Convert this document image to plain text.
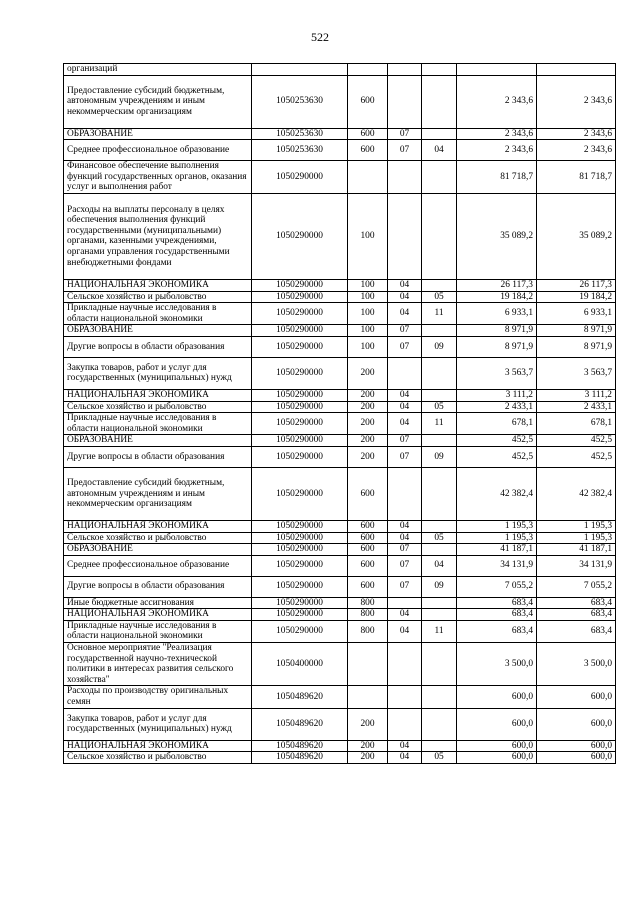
522
организаций						
Предоставление субсидий бюджетным, автономным учреждениям и иным некоммерческим организациям	1050253630	600			2 343,6	2 343,6
ОБРАЗОВАНИЕ	1050253630	600	07		2 343,6	2 343,6
Среднее профессиональное образование	1050253630	600	07	04	2 343,6	2 343,6
Финансовое обеспечение выполнения функций государственных органов, оказания услуг и выполнения работ	1050290000				81 718,7	81 718,7
Расходы на выплаты персоналу в целях обеспечения выполнения функций государственными (муниципальными) органами, казенными учреждениями, органами управления государственными внебюджетными фондами	1050290000	100			35 089,2	35 089,2
НАЦИОНАЛЬНАЯ ЭКОНОМИКА	1050290000	100	04		26 117,3	26 117,3
Сельское хозяйство и рыболовство	1050290000	100	04	05	19 184,2	19 184,2
Прикладные научные исследования в области национальной экономики	1050290000	100	04	11	6 933,1	6 933,1
ОБРАЗОВАНИЕ	1050290000	100	07		8 971,9	8 971,9
Другие вопросы в области образования	1050290000	100	07	09	8 971,9	8 971,9
Закупка товаров, работ и услуг для государственных (муниципальных) нужд	1050290000	200			3 563,7	3 563,7
НАЦИОНАЛЬНАЯ ЭКОНОМИКА	1050290000	200	04		3 111,2	3 111,2
Сельское хозяйство и рыболовство	1050290000	200	04	05	2 433,1	2 433,1
Прикладные научные исследования в области национальной экономики	1050290000	200	04	11	678,1	678,1
ОБРАЗОВАНИЕ	1050290000	200	07		452,5	452,5
Другие вопросы в области образования	1050290000	200	07	09	452,5	452,5
Предоставление субсидий бюджетным, автономным учреждениям и иным некоммерческим организациям	1050290000	600			42 382,4	42 382,4
НАЦИОНАЛЬНАЯ ЭКОНОМИКА	1050290000	600	04		1 195,3	1 195,3
Сельское хозяйство и рыболовство	1050290000	600	04	05	1 195,3	1 195,3
ОБРАЗОВАНИЕ	1050290000	600	07		41 187,1	41 187,1
Среднее профессиональное образование	1050290000	600	07	04	34 131,9	34 131,9
Другие вопросы в области образования	1050290000	600	07	09	7 055,2	7 055,2
Иные бюджетные ассигнования	1050290000	800			683,4	683,4
НАЦИОНАЛЬНАЯ ЭКОНОМИКА	1050290000	800	04		683,4	683,4
Прикладные научные исследования в области национальной экономики	1050290000	800	04	11	683,4	683,4
Основное мероприятие "Реализация государственной научно-технической политики в интересах развития сельского хозяйства"	1050400000				3 500,0	3 500,0
Расходы по производству оригинальных семян	1050489620				600,0	600,0
Закупка товаров, работ и услуг для государственных (муниципальных) нужд	1050489620	200			600,0	600,0
НАЦИОНАЛЬНАЯ ЭКОНОМИКА	1050489620	200	04		600,0	600,0
Сельское хозяйство и рыболовство	1050489620	200	04	05	600,0	600,0
